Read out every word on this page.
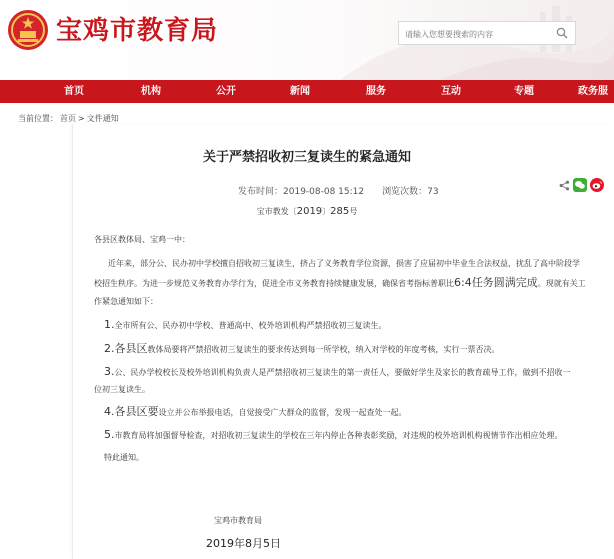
宝鸡市教育局
请输入您想要搜索的内容
首页	机构	公开	新闻	服务	互动	专题	政务服
当前位置： 首页 > 文件通知
关于严禁招收初三复读生的紧急通知
发布时间：2019-08-08 15:12 浏览次数：73
宝市教发〔2019〕285号
各县区教体局、宝鸡一中：
近年来，部分公、民办初中学校擅自招收初三复读生，挤占了义务教育学位资源，损害了应届初中毕业生合法权益，扰乱了高中阶段学
校招生秩序。为进一步规范义务教育办学行为，促进全市义务教育持续健康发展，确保省考指标普职比6:4任务圆满完成。现就有关工
作紧急通知如下：
1.全市所有公、民办初中学校、普通高中、校外培训机构严禁招收初三复读生。
2.各县区教体局要将严禁招收初三复读生的要求传达到每一所学校，纳入对学校的年度考核，实行一票否决。
3.公、民办学校校长及校外培训机构负责人是严禁招收初三复读生的第一责任人，要做好学生及家长的教育疏导工作，做到不招收一
位初三复读生。
4.各县区要设立并公布举报电话，自觉接受广大群众的监督，发现一起查处一起。
5.市教育局将加强督导检查，对招收初三复读生的学校在三年内停止各种表彰奖励，对违规的校外培训机构视情节作出相应处理。
特此通知。
宝鸡市教育局
2019年8月5日
